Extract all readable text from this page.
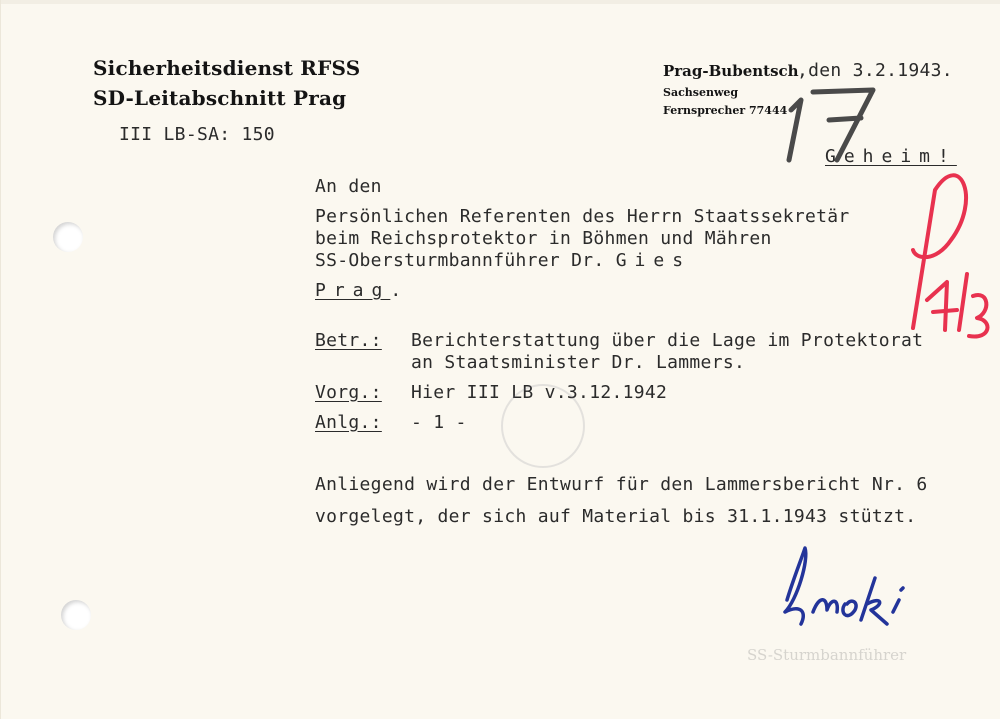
Sicherheitsdienst RFSS
SD-Leitabschnitt Prag
III LB-SA: 150
Prag-Bubentsch
,den 3.2.1943.
Sachsenweg
Fernsprecher 77444
Geheim!
An den
Persönlichen Referenten des Herrn Staatssekretär
beim Reichsprotektor in Böhmen und Mähren
SS-Obersturmbannführer Dr. Gies
Prag.
Betr.: Berichterstattung über die Lage im Protektorat
an Staatsminister Dr. Lammers.
Vorg.: Hier III LB v.3.12.1942
Anlg.: - 1 -
Anliegend wird der Entwurf für den Lammersbericht Nr. 6
vorgelegt, der sich auf Material bis 31.1.1943 stützt.
SS-Sturmbannführer
